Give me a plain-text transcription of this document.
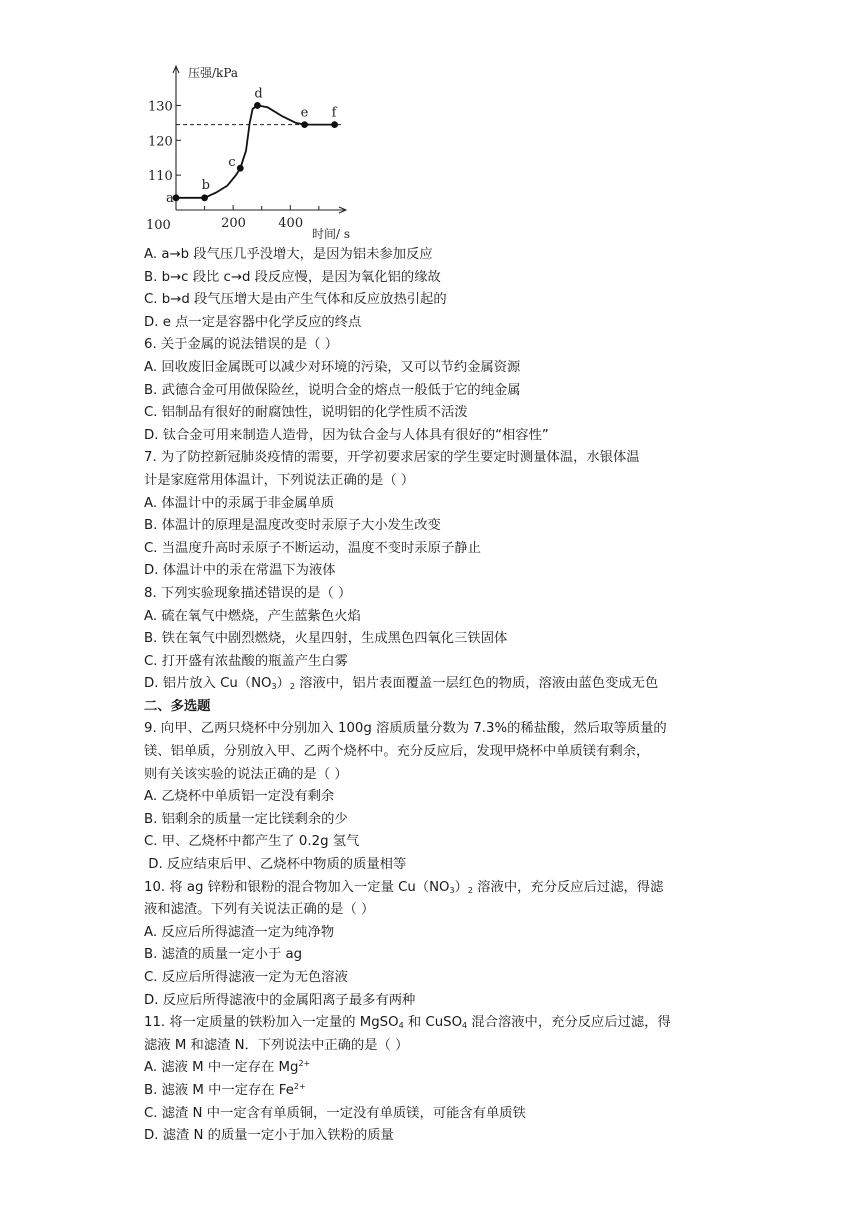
压强/kPa
时间/ s
100
110
120
130
200 400
a
b
c
d
e f
A. a→b 段气压几乎没增大，是因为铝未参加反应
B. b→c 段比 c→d 段反应慢，是因为氧化铝的缘故
C. b→d 段气压增大是由产生气体和反应放热引起的
D. e 点一定是容器中化学反应的终点
6. 关于金属的说法错误的是（ ）
A. 回收废旧金属既可以减少对环境的污染，又可以节约金属资源
B. 武德合金可用做保险丝，说明合金的熔点一般低于它的纯金属
C. 铝制品有很好的耐腐蚀性，说明铝的化学性质不活泼
D. 钛合金可用来制造人造骨，因为钛合金与人体具有很好的“相容性”
7. 为了防控新冠肺炎疫情的需要，开学初要求居家的学生要定时测量体温，水银体温
计是家庭常用体温计，下列说法正确的是（ ）
A. 体温计中的汞属于非金属单质
B. 体温计的原理是温度改变时汞原子大小发生改变
C. 当温度升高时汞原子不断运动，温度不变时汞原子静止
D. 体温计中的汞在常温下为液体
8. 下列实验现象描述错误的是（ ）
A. 硫在氧气中燃烧，产生蓝紫色火焰
B. 铁在氧气中剧烈燃烧，火星四射，生成黑色四氧化三铁固体
C. 打开盛有浓盐酸的瓶盖产生白雾
D. 铝片放入 $Cu(NO_3)_2$ 溶液中，铝片表面覆盖一层红色的物质，溶液由蓝色变成无色
二、多选题
9. 向甲、乙两只烧杯中分别加入 100g 溶质质量分数为 7.3%的稀盐酸，然后取等质量的
镁、铝单质，分别放入甲、乙两个烧杯中。充分反应后，发现甲烧杯中单质镁有剩余，
则有关该实验的说法正确的是（ ）
A. 乙烧杯中单质铝一定没有剩余
B. 铝剩余的质量一定比镁剩余的少
C. 甲、乙烧杯中都产生了 0.2g 氢气
D. 反应结束后甲、乙烧杯中物质的质量相等
10. 将 ag 锌粉和银粉的混合物加入一定量 $Cu(NO_3)_2$ 溶液中，充分反应后过滤，得滤
液和滤渣。下列有关说法正确的是（ ）
A. 反应后所得滤渣一定为纯净物
B. 滤渣的质量一定小于 ag
C. 反应后所得滤液一定为无色溶液
D. 反应后所得滤液中的金属阳离子最多有两种
11. 将一定质量的铁粉加入一定量的 MgSO$_4$ 和 CuSO$_4$ 混合溶液中，充分反应后过滤，得
滤液 M 和滤渣 N．下列说法中正确的是（ ）
A. 滤液 M 中一定存在 $Mg^{2+}$
B. 滤液 M 中一定存在 $Fe^{2+}$
C. 滤渣 N 中一定含有单质铜，一定没有单质镁，可能含有单质铁
D. 滤渣 N 的质量一定小于加入铁粉的质量
